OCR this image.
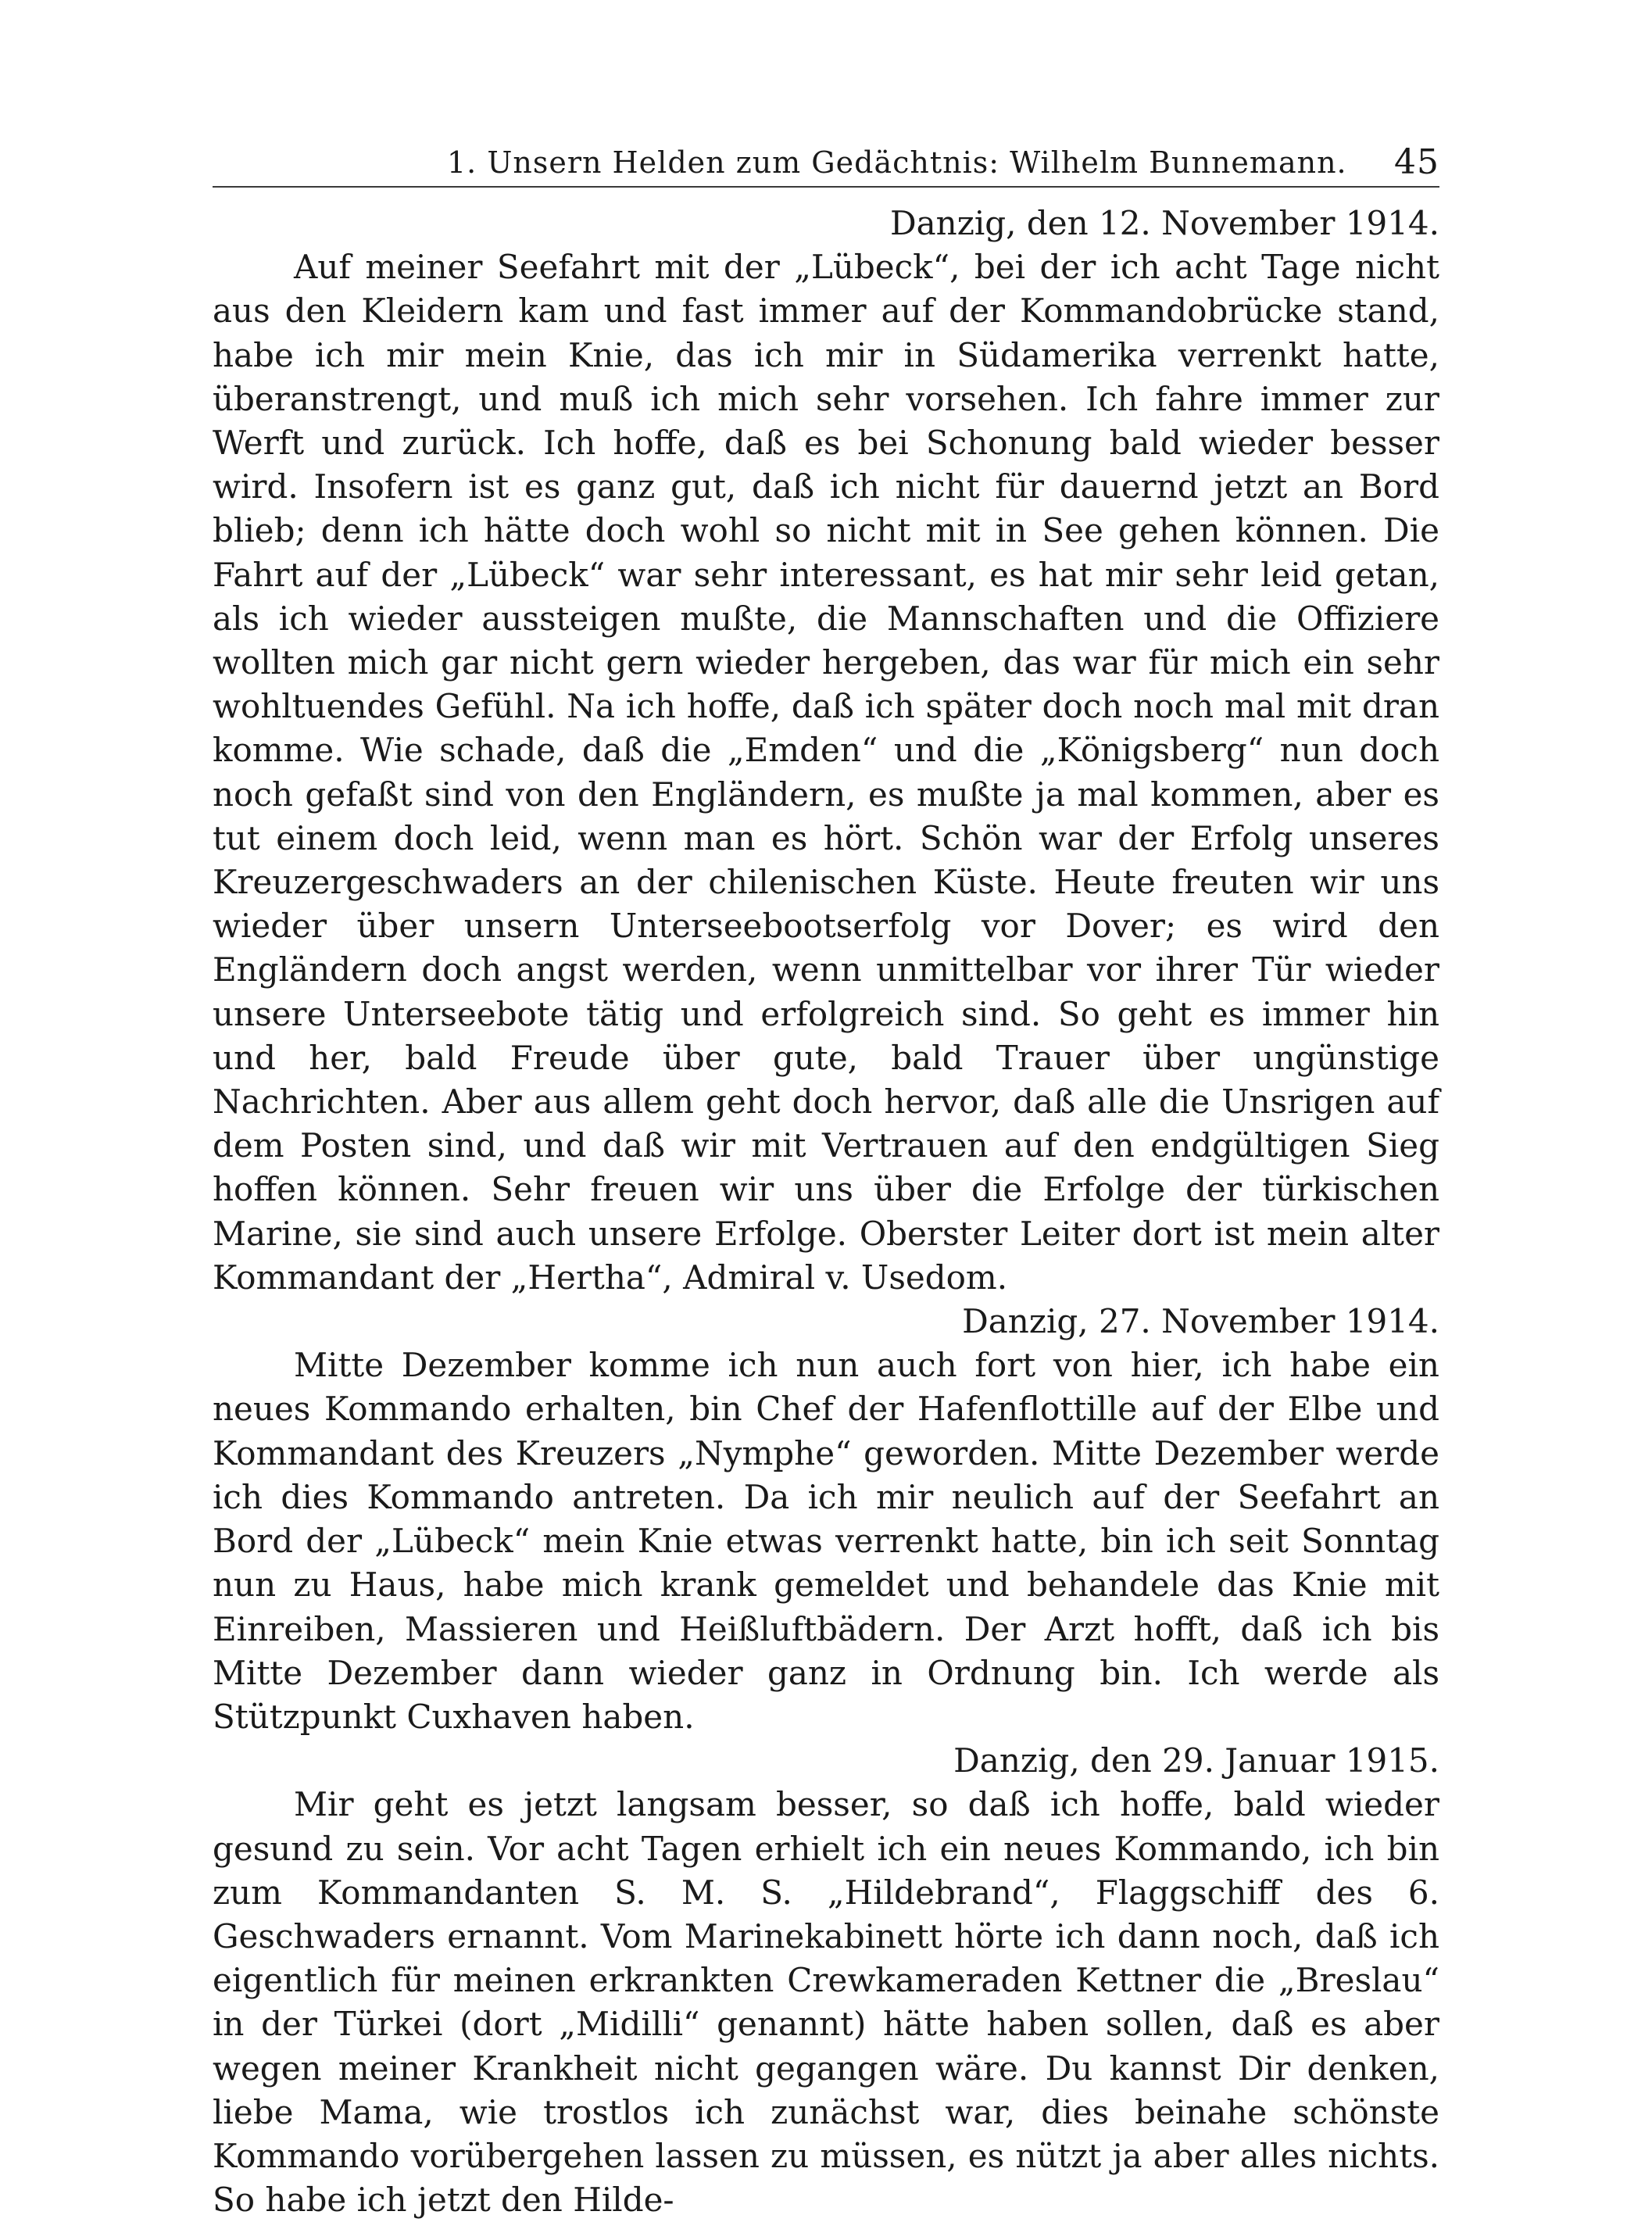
1. Unsern Helden zum Gedächtnis: Wilhelm Bunnemann.	45

Danzig, den 12. November 1914.

Auf meiner Seefahrt mit der „Lübeck“, bei der ich acht Tage nicht aus den Kleidern kam und fast immer auf der Kommandobrücke stand, habe ich mir mein Knie, das ich mir in Südamerika verrenkt hatte, überanstrengt, und muß ich mich sehr vorsehen. Ich fahre immer zur Werft und zurück. Ich hoffe, daß es bei Schonung bald wieder besser wird. Insofern ist es ganz gut, daß ich nicht für dauernd jetzt an Bord blieb; denn ich hätte doch wohl so nicht mit in See gehen können. Die Fahrt auf der „Lübeck“ war sehr interessant, es hat mir sehr leid getan, als ich wieder aussteigen mußte, die Mannschaften und die Offiziere wollten mich gar nicht gern wieder hergeben, das war für mich ein sehr wohltuendes Gefühl. Na ich hoffe, daß ich später doch noch mal mit dran komme. Wie schade, daß die „Emden“ und die „Königsberg“ nun doch noch gefaßt sind von den Engländern, es mußte ja mal kommen, aber es tut einem doch leid, wenn man es hört. Schön war der Erfolg unseres Kreuzergeschwaders an der chilenischen Küste. Heute freuten wir uns wieder über unsern Unterseebootserfolg vor Dover; es wird den Engländern doch angst werden, wenn unmittelbar vor ihrer Tür wieder unsere Unterseebote tätig und erfolgreich sind. So geht es immer hin und her, bald Freude über gute, bald Trauer über ungünstige Nachrichten. Aber aus allem geht doch hervor, daß alle die Unsrigen auf dem Posten sind, und daß wir mit Vertrauen auf den endgültigen Sieg hoffen können. Sehr freuen wir uns über die Erfolge der türkischen Marine, sie sind auch unsere Erfolge. Oberster Leiter dort ist mein alter Kommandant der „Hertha“, Admiral v. Usedom.

Danzig, 27. November 1914.

Mitte Dezember komme ich nun auch fort von hier, ich habe ein neues Kommando erhalten, bin Chef der Hafenflottille auf der Elbe und Kommandant des Kreuzers „Nymphe“ geworden. Mitte Dezember werde ich dies Kommando antreten. Da ich mir neulich auf der Seefahrt an Bord der „Lübeck“ mein Knie etwas verrenkt hatte, bin ich seit Sonntag nun zu Haus, habe mich krank gemeldet und behandele das Knie mit Einreiben, Massieren und Heißluftbädern. Der Arzt hofft, daß ich bis Mitte Dezember dann wieder ganz in Ordnung bin. Ich werde als Stützpunkt Cuxhaven haben.

Danzig, den 29. Januar 1915.

Mir geht es jetzt langsam besser, so daß ich hoffe, bald wieder gesund zu sein. Vor acht Tagen erhielt ich ein neues Kommando, ich bin zum Kommandanten S. M. S. „Hildebrand“, Flaggschiff des 6. Geschwaders ernannt. Vom Marinekabinett hörte ich dann noch, daß ich eigentlich für meinen erkrankten Crewkameraden Kettner die „Breslau“ in der Türkei (dort „Midilli“ genannt) hätte haben sollen, daß es aber wegen meiner Krankheit nicht gegangen wäre. Du kannst Dir denken, liebe Mama, wie trostlos ich zunächst war, dies beinahe schönste Kommando vorübergehen lassen zu müssen, es nützt ja aber alles nichts. So habe ich jetzt den Hilde-
